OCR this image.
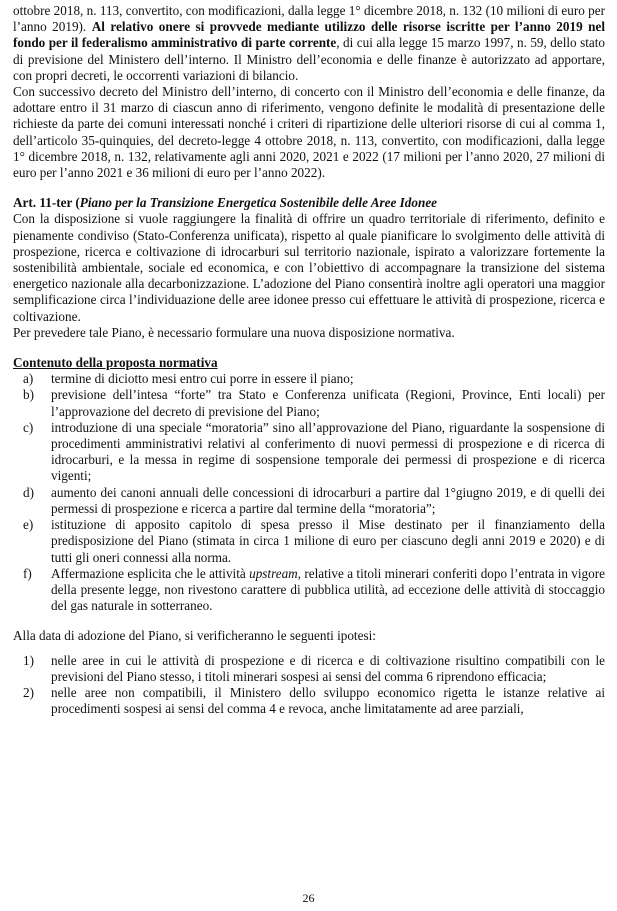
ottobre 2018, n. 113, convertito, con modificazioni, dalla legge 1° dicembre 2018, n. 132 (10 milioni di euro per l’anno 2019). Al relativo onere si provvede mediante utilizzo delle risorse iscritte per l’anno 2019 nel fondo per il federalismo amministrativo di parte corrente, di cui alla legge 15 marzo 1997, n. 59, dello stato di previsione del Ministero dell’interno. Il Ministro dell’economia e delle finanze è autorizzato ad apportare, con propri decreti, le occorrenti variazioni di bilancio.

Con successivo decreto del Ministro dell’interno, di concerto con il Ministro dell’economia e delle finanze, da adottare entro il 31 marzo di ciascun anno di riferimento, vengono definite le modalità di presentazione delle richieste da parte dei comuni interessati nonché i criteri di ripartizione delle ulteriori risorse di cui al comma 1, dell’articolo 35-quinquies, del decreto-legge 4 ottobre 2018, n. 113, convertito, con modificazioni, dalla legge 1° dicembre 2018, n. 132, relativamente agli anni 2020, 2021 e 2022 (17 milioni per l’anno 2020, 27 milioni di euro per l’anno 2021 e 36 milioni di euro per l’anno 2022).

Art. 11-ter (Piano per la Transizione Energetica Sostenibile delle Aree Idonee

Con la disposizione si vuole raggiungere la finalità di offrire un quadro territoriale di riferimento, definito e pienamente condiviso (Stato-Conferenza unificata), rispetto al quale pianificare lo svolgimento delle attività di prospezione, ricerca e coltivazione di idrocarburi sul territorio nazionale, ispirato a valorizzare fortemente la sostenibilità ambientale, sociale ed economica, e con l’obiettivo di accompagnare la transizione del sistema energetico nazionale alla decarbonizzazione. L’adozione del Piano consentirà inoltre agli operatori una maggior semplificazione circa l’individuazione delle aree idonee presso cui effettuare le attività di prospezione, ricerca e coltivazione.

Per prevedere tale Piano, è necessario formulare una nuova disposizione normativa.

Contenuto della proposta normativa

a)	termine di diciotto mesi entro cui porre in essere il piano;
b)	previsione dell’intesa “forte” tra Stato e Conferenza unificata (Regioni, Province, Enti locali) per l’approvazione del decreto di previsione del Piano;
c)	introduzione di una speciale “moratoria” sino all’approvazione del Piano, riguardante la sospensione di procedimenti amministrativi relativi al conferimento di nuovi permessi di prospezione e di ricerca di idrocarburi, e la messa in regime di sospensione temporale dei permessi di prospezione e di ricerca vigenti;
d)	aumento dei canoni annuali delle concessioni di idrocarburi a partire dal 1°giugno 2019, e di quelli dei permessi di prospezione e ricerca a partire dal termine della “moratoria”;
e)	istituzione di apposito capitolo di spesa presso il Mise destinato per il finanziamento della predisposizione del Piano (stimata in circa 1 milione di euro per ciascuno degli anni 2019 e 2020) e di tutti gli oneri connessi alla norma.
f)	Affermazione esplicita che le attività upstream, relative a titoli minerari conferiti dopo l’entrata in vigore della presente legge, non rivestono carattere di pubblica utilità, ad eccezione delle attività di stoccaggio del gas naturale in sotterraneo.

Alla data di adozione del Piano, si verificheranno le seguenti ipotesi:

1)	nelle aree in cui le attività di prospezione e di ricerca e di coltivazione risultino compatibili con le previsioni del Piano stesso, i titoli minerari sospesi ai sensi del comma 6 riprendono efficacia;
2)	nelle aree non compatibili, il Ministero dello sviluppo economico rigetta le istanze relative ai procedimenti sospesi ai sensi del comma 4 e revoca, anche limitatamente ad aree parziali,
26
